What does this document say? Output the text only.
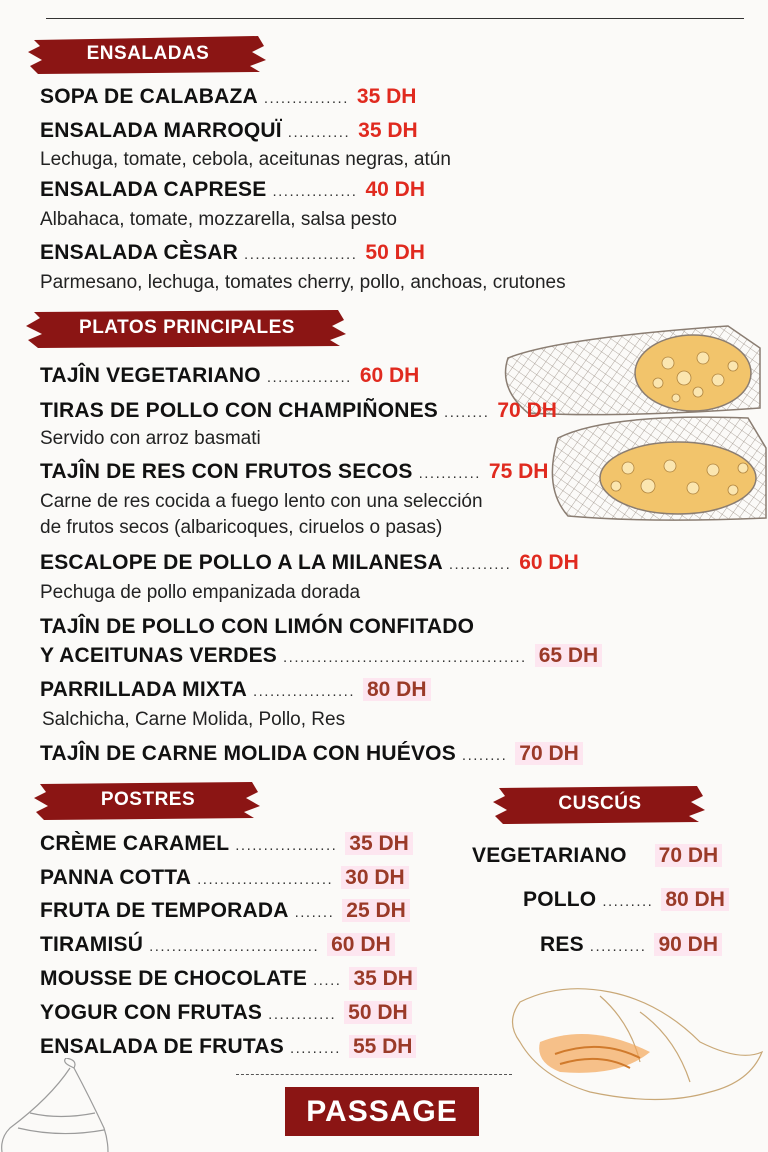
ENSALADAS
PLATOS PRINCIPALES
POSTRES	CUSCÚS
SOPA DE CALABAZA ............... 35 DH
ENSALADA MARROQUÏ ........... 35 DH
Lechuga, tomate, cebola, aceitunas negras, atún
ENSALADA CAPRESE ............... 40 DH
Albahaca, tomate, mozzarella, salsa pesto
ENSALADA CÈSAR .................... 50 DH
Parmesano, lechuga, tomates cherry, pollo, anchoas, crutones
TAJÎN VEGETARIANO ............... 60 DH
TIRAS DE POLLO CON CHAMPIÑONES ........ 70 DH
Servido con arroz basmati
TAJÎN DE RES CON FRUTOS SECOS ........... 75 DH
Carne de res cocida a fuego lento con una selección
de frutos secos (albaricoques, ciruelos o pasas)
ESCALOPE DE POLLO A LA MILANESA ........... 60 DH
Pechuga de pollo empanizada dorada
TAJÎN DE POLLO CON LIMÓN CONFITADO
Y ACEITUNAS VERDES ........................................... 65 DH
PARRILLADA MIXTA .................. 80 DH
Salchicha, Carne Molida, Pollo, Res
TAJÎN DE CARNE MOLIDA CON HUÉVOS ........ 70 DH
CRÈME CARAMEL .................. 35 DH
PANNA COTTA ........................ 30 DH
FRUTA DE TEMPORADA ....... 25 DH
TIRAMISÚ .............................. 60 DH
MOUSSE DE CHOCOLATE ..... 35 DH
YOGUR CON FRUTAS ............ 50 DH
ENSALADA DE FRUTAS ......... 55 DH
VEGETARIANO 70 DH
POLLO ......... 80 DH
RES .......... 90 DH
PASSAGE
